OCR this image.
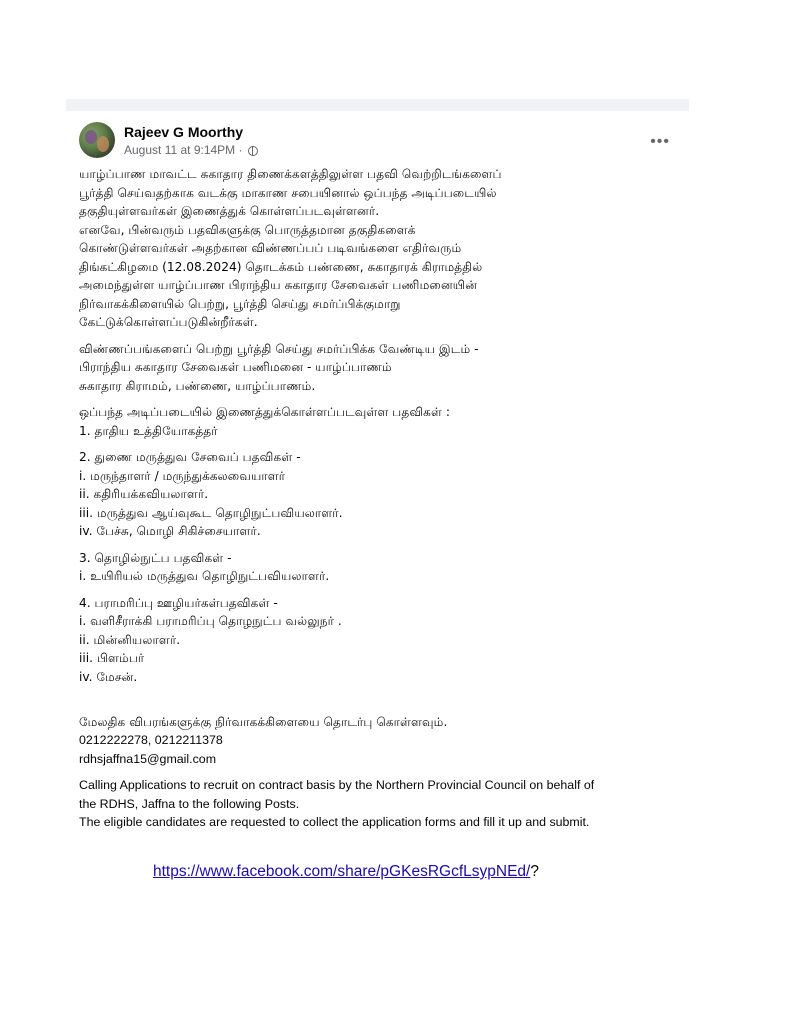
Rajeev G Moorthy
August 11 at 9:14PM ·	•••
யாழ்ப்பாண மாவட்ட சுகாதார திணைக்களத்திலுள்ள பதவி வெற்றிடங்களைப்
பூர்த்தி செய்வதற்காக வடக்கு மாகாண சபையினால் ஒப்பந்த அடிப்படையில்
தகுதியுள்ளவர்கள் இணைத்துக் கொள்ளப்படவுள்ளனர்.
எனவே, பின்வரும் பதவிகளுக்கு பொருத்தமான தகுதிகளைக்
கொண்டுள்ளவர்கள் அதற்கான விண்ணப்பப் படிவங்களை எதிர்வரும்
திங்கட்கிழமை (12.08.2024) தொடக்கம் பண்ணை, சுகாதாரக் கிராமத்தில்
அமைந்துள்ள யாழ்ப்பாண பிராந்திய சுகாதார சேவைகள் பணிமனையின்
நிர்வாகக்கிளையில் பெற்று, பூர்த்தி செய்து சமர்ப்பிக்குமாறு
கேட்டுக்கொள்ளப்படுகின்றீர்கள்.
விண்ணப்பங்களைப் பெற்று பூர்த்தி செய்து சமர்ப்பிக்க வேண்டிய இடம் -
பிராந்திய சுகாதார சேவைகள் பணிமனை - யாழ்ப்பாணம்
சுகாதார கிராமம், பண்ணை, யாழ்ப்பாணம்.
ஒப்பந்த அடிப்படையில் இணைத்துக்கொள்ளப்படவுள்ள பதவிகள் :
1. தாதிய உத்தியோகத்தர்
2. துணை மருத்துவ சேவைப் பதவிகள் -
i. மருந்தாளர் / மருந்துக்கலவையாளர்
ii. கதிரியக்கவியலாளர்.
iii. மருத்துவ ஆய்வுகூட தொழிநுட்பவியலாளர்.
iv. பேச்சு, மொழி சிகிச்சையாளர்.
3. தொழில்நுட்ப பதவிகள் -
i. உயிரியல் மருத்துவ தொழிநுட்பவியலாளர்.
4. பராமரிப்பு ஊழியர்கள்பதவிகள் -
i. வளிசீராக்கி பராமரிப்பு தொழநுட்ப வல்லுநர் .
ii. மின்னியலாளர்.
iii. பிளம்பர்
iv. மேசன்.

மேலதிக விபரங்களுக்கு நிர்வாகக்கிளையை தொடர்பு கொள்ளவும்.
0212222278, 0212211378
rdhsjaffna15@gmail.com
Calling Applications to recruit on contract basis by the Northern Provincial Council on behalf of
the RDHS, Jaffna to the following Posts.
The eligible candidates are requested to collect the application forms and fill it up and submit.
https://www.facebook.com/share/pGKesRGcfLsypNEd/?
